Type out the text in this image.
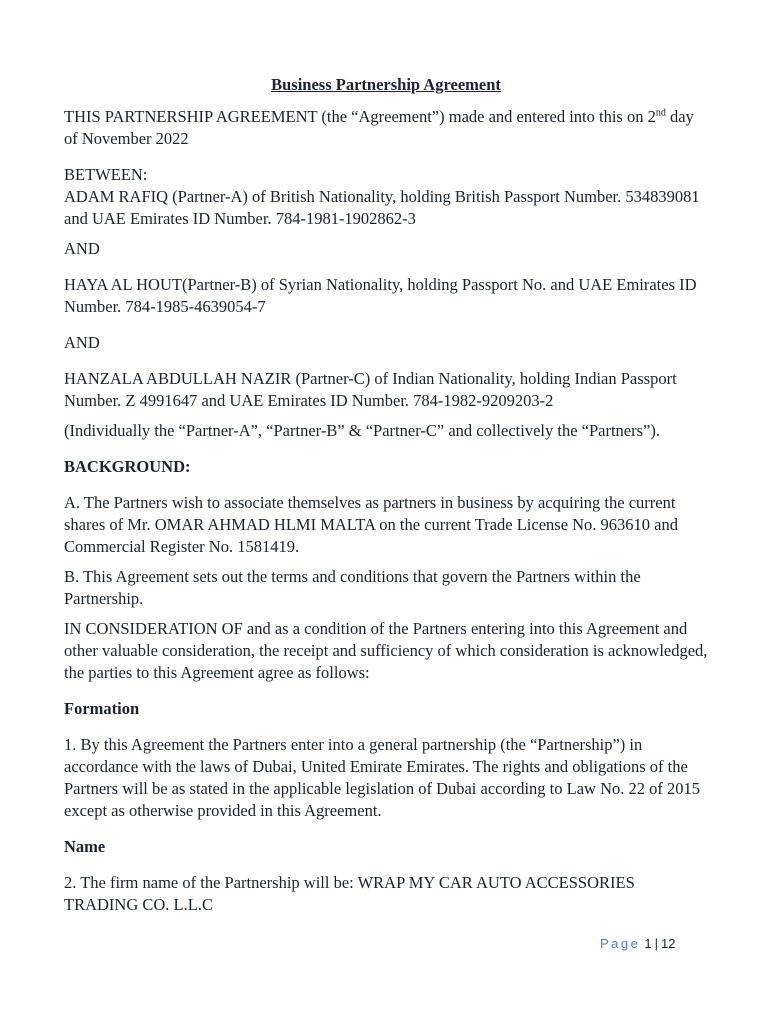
Business Partnership Agreement

THIS PARTNERSHIP AGREEMENT (the “Agreement”) made and entered into this on 2nd day of November 2022

BETWEEN:

ADAM RAFIQ (Partner-A) of British Nationality, holding British Passport Number. 534839081 and UAE Emirates ID Number. 784-1981-1902862-3

AND

HAYA AL HOUT(Partner-B) of Syrian Nationality, holding Passport No. and UAE Emirates ID Number. 784-1985-4639054-7

AND

HANZALA ABDULLAH NAZIR (Partner-C) of Indian Nationality, holding Indian Passport Number. Z 4991647 and UAE Emirates ID Number. 784-1982-9209203-2

(Individually the “Partner-A”, “Partner-B” & “Partner-C” and collectively the “Partners”).

BACKGROUND:

A. The Partners wish to associate themselves as partners in business by acquiring the current shares of Mr. OMAR AHMAD HLMI MALTA on the current Trade License No. 963610 and Commercial Register No. 1581419.

B. This Agreement sets out the terms and conditions that govern the Partners within the Partnership.

IN CONSIDERATION OF and as a condition of the Partners entering into this Agreement and other valuable consideration, the receipt and sufficiency of which consideration is acknowledged, the parties to this Agreement agree as follows:

Formation

1. By this Agreement the Partners enter into a general partnership (the “Partnership”) in accordance with the laws of Dubai, United Emirate Emirates. The rights and obligations of the Partners will be as stated in the applicable legislation of Dubai according to Law No. 22 of 2015 except as otherwise provided in this Agreement.

Name

2. The firm name of the Partnership will be: WRAP MY CAR AUTO ACCESSORIES TRADING CO. L.L.C

Page 1 | 12
